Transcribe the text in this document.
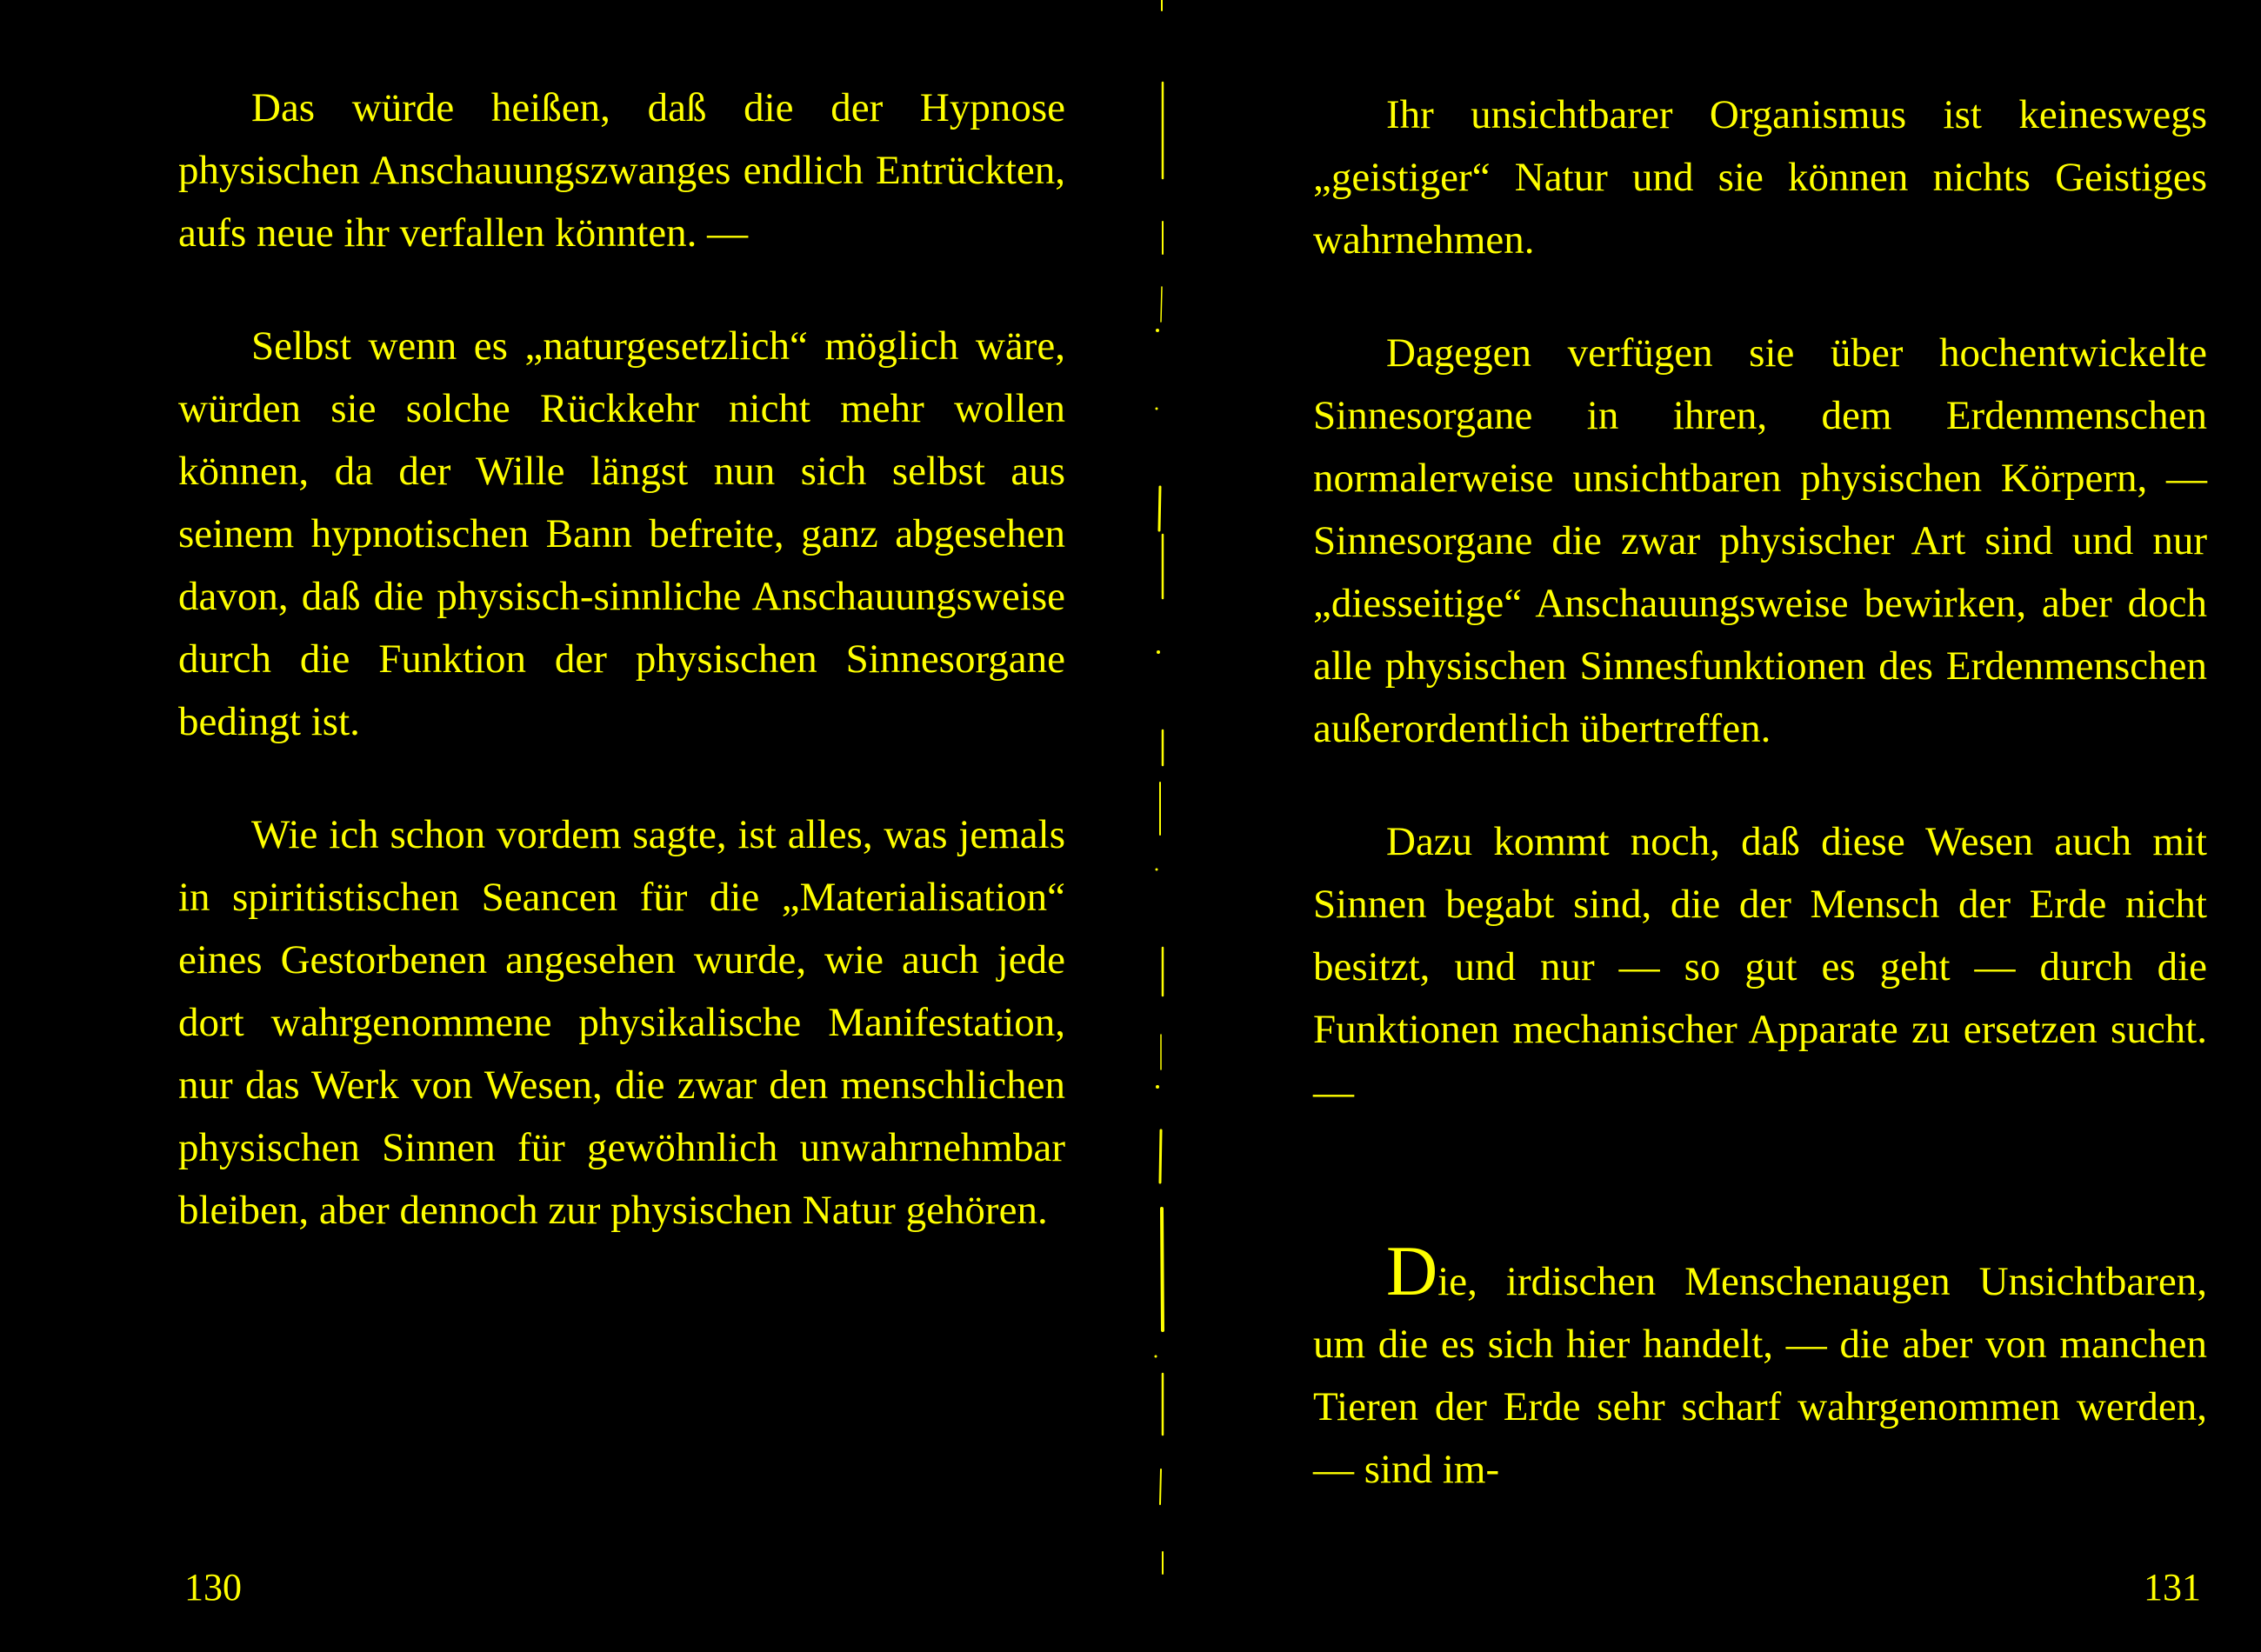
Das würde heißen, daß die der Hypnose physischen Anschauungszwanges endlich Entrückten, aufs neue ihr verfallen könnten. —

Selbst wenn es „naturgesetzlich“ möglich wäre, würden sie solche Rückkehr nicht mehr wollen können, da der Wille längst nun sich selbst aus seinem hypnotischen Bann befreite, ganz abgesehen davon, daß die physisch-sinnliche Anschauungsweise durch die Funktion der physischen Sinnesorgane bedingt ist.

Wie ich schon vordem sagte, ist alles, was jemals in spiritistischen Seancen für die „Materialisation“ eines Gestorbenen angesehen wurde, wie auch jede dort wahrgenommene physikalische Manifestation, nur das Werk von Wesen, die zwar den menschlichen physischen Sinnen für gewöhnlich unwahrnehmbar bleiben, aber dennoch zur physischen Natur gehören.

130

Ihr unsichtbarer Organismus ist keineswegs „geistiger“ Natur und sie können nichts Geistiges wahrnehmen.

Dagegen verfügen sie über hochentwickelte Sinnesorgane in ihren, dem Erdenmenschen normalerweise unsichtbaren physischen Körpern, — Sinnesorgane die zwar physischer Art sind und nur „diesseitige“ Anschauungsweise bewirken, aber doch alle physischen Sinnesfunktionen des Erdenmenschen außerordentlich übertreffen.

Dazu kommt noch, daß diese Wesen auch mit Sinnen begabt sind, die der Mensch der Erde nicht besitzt, und nur — so gut es geht — durch die Funktionen mechanischer Apparate zu ersetzen sucht. —

Die, irdischen Menschenaugen Unsichtbaren, um die es sich hier handelt, — die aber von manchen Tieren der Erde sehr scharf wahrgenommen werden, — sind im-

131
